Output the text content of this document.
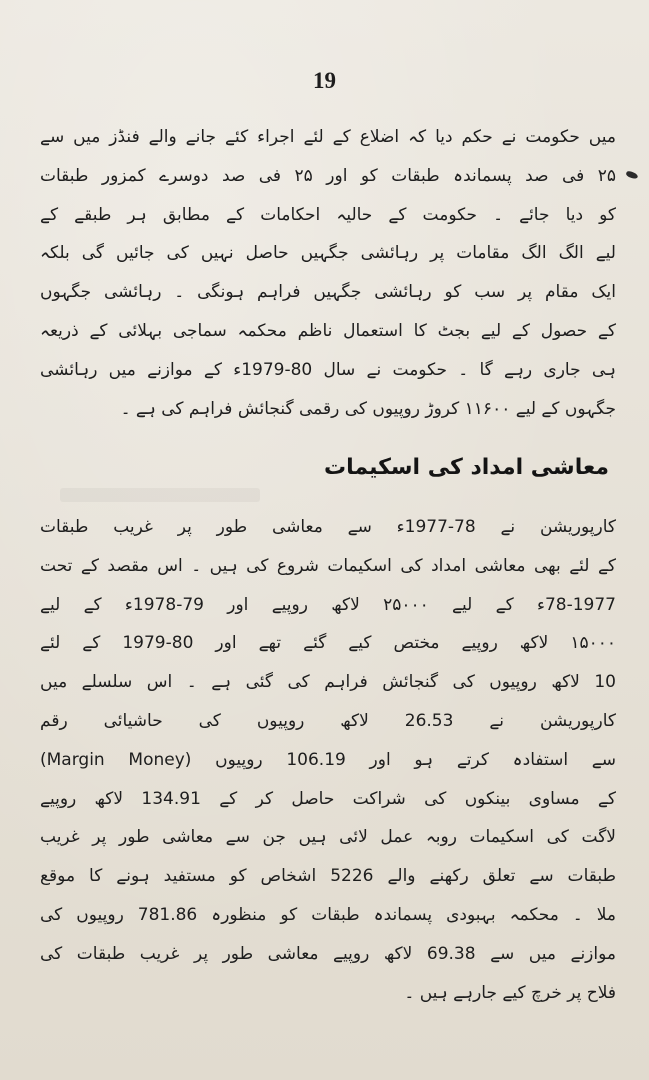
19
میں حکومت نے حکم دیا کہ اضلاع کے لئے اجراء کئے جانے والے فنڈز میں سے
۲۵ فی صد پسماندہ طبقات کو اور ۲۵ فی صد دوسرے کمزور طبقات
کو دیا جائے ۔ حکومت کے حالیہ احکامات کے مطابق ہر طبقے کے
لیے الگ الگ مقامات پر رہائشی جگہیں حاصل نہیں کی جائیں گی بلکہ
ایک مقام پر سب کو رہائشی جگہیں فراہم ہونگی ۔ رہائشی جگہوں
کے حصول کے لیے بجٹ کا استعمال ناظم محکمہ سماجی بہلائی کے ذریعہ
ہی جاری رہے گا ۔ حکومت نے سال 80-1979ء کے موازنے میں رہائشی
جگہوں کے لیے ۱۱۶۰۰ کروڑ روپیوں کی رقمی گنجائش فراہم کی ہے ۔
معاشی امداد کی اسکیمات
کارپوریشن نے 78-1977ء سے معاشی طور پر غریب طبقات
کے لئے بھی معاشی امداد کی اسکیمات شروع کی ہیں ۔ اس مقصد کے تحت
78-1977ء کے لیے ۲۵۰۰۰ لاکھ روپیے اور 79-1978ء کے لیے
۱۵۰۰۰ لاکھ روپیے مختص کیے گئے تھے اور 80-1979 کے لئے
10 لاکھ روپیوں کی گنجائش فراہم کی گئی ہے ۔ اس سلسلے میں
کارپوریشن نے 26.53 لاکھ روپیوں کی حاشیائی رقم
(Margin Money) سے استفادہ کرتے ہو اور 106.19 روپیوں
کے مساوی بینکوں کی شراکت حاصل کر کے 134.91 لاکھ روپیے
لاگت کی اسکیمات روبہ عمل لائی ہیں جن سے معاشی طور پر غریب
طبقات سے تعلق رکھنے والے 5226 اشخاص کو مستفید ہونے کا موقع
ملا ۔ محکمہ بہبودی پسماندہ طبقات کو منظورہ 781.86 روپیوں کی
موازنے میں سے 69.38 لاکھ روپیے معاشی طور پر غریب طبقات کی
فلاح پر خرچ کیے جارہے ہیں ۔
